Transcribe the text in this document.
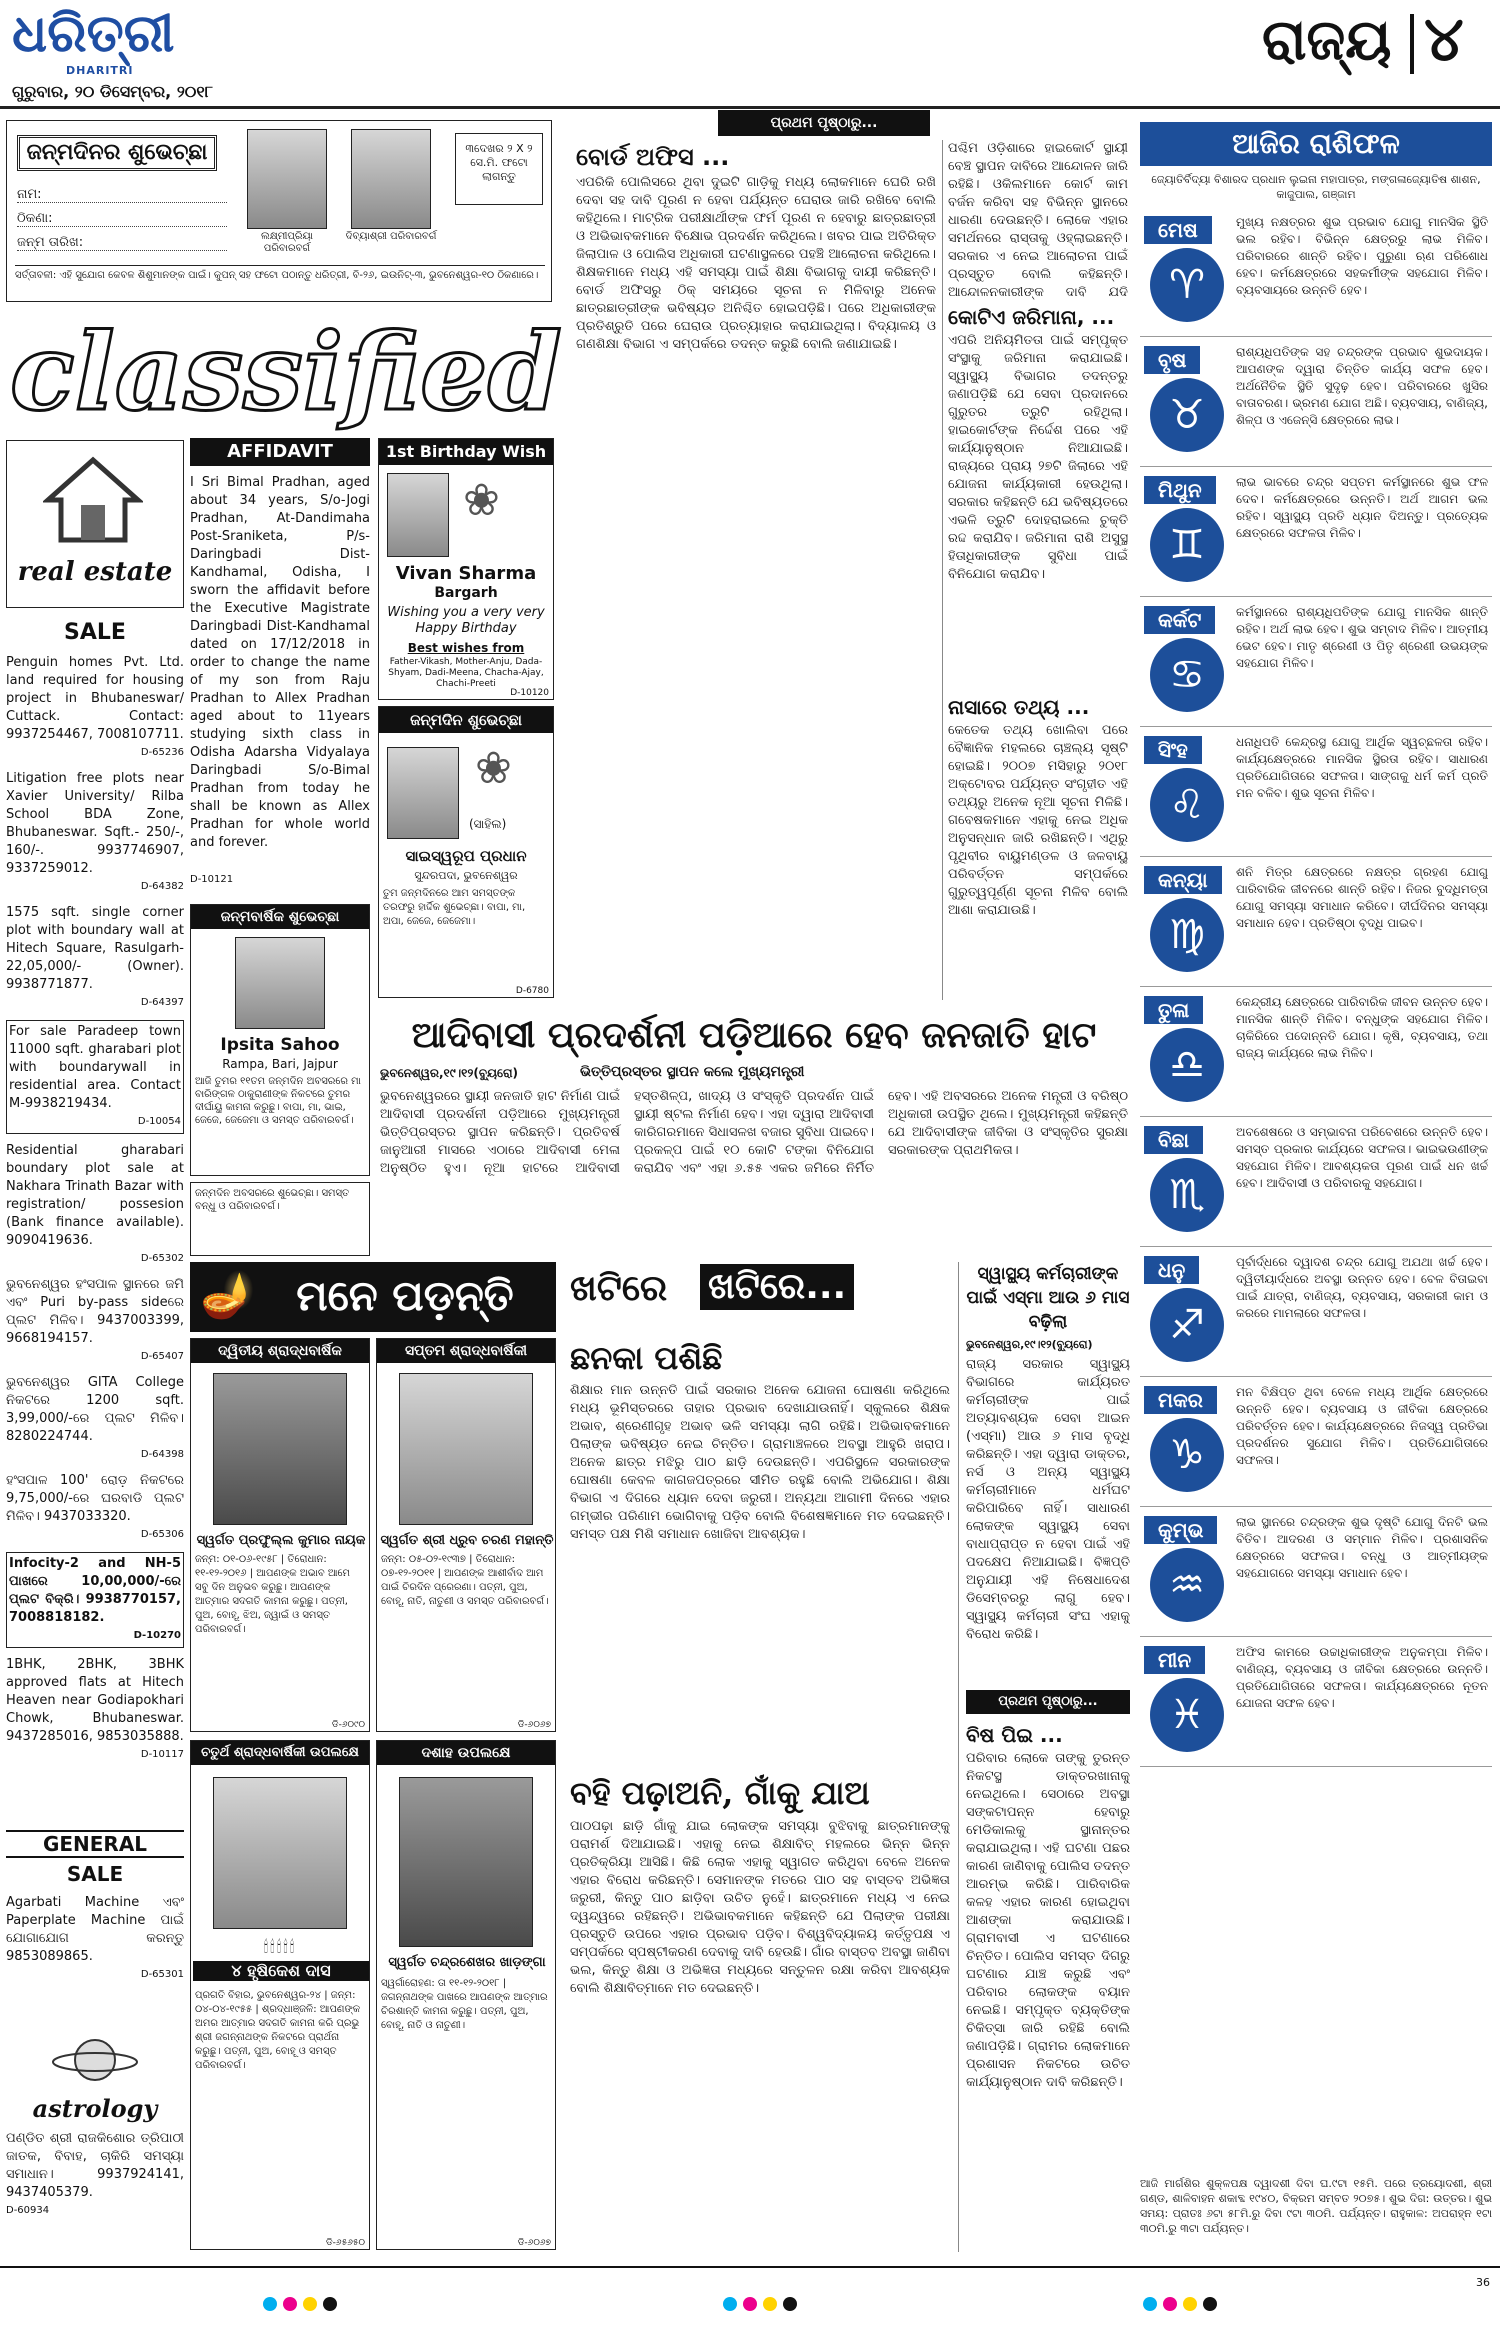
ଧରିତ୍ରୀ
DHARITRI
ଗୁରୁବାର, ୨୦ ଡିସେମ୍ବର, ୨୦୧୮
ରାଜ୍ୟ ୪
ଜନ୍ମଦିନର ଶୁଭେଚ୍ଛା
ନାମ:
ଠିକଣା:
ଜନ୍ମ ତାରିଖ:	ଲକ୍ଷ୍ମୀପ୍ରିୟା ପରିବାରବର୍ଗ
ଦିବ୍ୟାଶ୍ରୀ ପରିବାରବର୍ଗ
୩ଦେଖର ୨ X ୨ ସେ.ମି. ଫଟୋ ଲାଗନ୍ତୁ
ସର୍ତ୍ତାବଳୀ: ଏହି ସୁଯୋଗ କେବଳ ଶିଶୁମାନଙ୍କ ପାଇଁ। କୁପନ୍ ସହ ଫଟୋ ପଠାନ୍ତୁ ଧରିତ୍ରୀ, ବି-୨୬, ଇଉନିଟ୍-୩, ଭୁବନେଶ୍ୱର-୧୦ ଠିକଣାରେ।
classified
real estate
SALE
Penguin homes Pvt. Ltd. land required for housing project in Bhubaneswar/ Cuttack. Contact: 9937254467, 7008107711.
D-65236
Litigation free plots near Xavier University/ Rilba School BDA Zone, Bhubaneswar. Sqft.- 250/-, 160/-. 9937746907, 9337259012.
D-64382
1575 sqft. single corner plot with boundary wall at Hitech Square, Rasulgarh- 22,05,000/- (Owner). 9938771877.
D-64397
For sale Paradeep town 11000 sqft. gharabari plot with boundarywall in residential area. Contact M-9938219434.
D-10054
Residential gharabari boundary plot sale at Nakhara Trinath Bazar with registration/ possesion (Bank finance available). 9090419636.
D-65302
ଭୁବନେଶ୍ୱର ହଂସପାଳ ସ୍ଥାନରେ ଜମି ଏବଂ Puri by-pass sideରେ ପ୍ଲଟ ମିଳିବ। 9437003399, 9668194157.
D-65407
ଭୁବନେଶ୍ୱର GITA College ନିକଟରେ 1200 sqft. 3,99,000/-ରେ ପ୍ଲଟ ମିଳିବ। 8280224744.
D-64398
ହଂସପାଳ 100' ରୋଡ଼ ନିକଟରେ 9,75,000/-ରେ ଘରବାଡି ପ୍ଲଟ ମିଳିବ। 9437033320.
D-65306
Infocity-2 and NH-5 ପାଖରେ 10,00,000/-ରେ ପ୍ଲଟ ବିକ୍ରି। 9938770157, 7008818182.
D-10270
1BHK, 2BHK, 3BHK approved flats at Hitech Heaven near Godiapokhari Chowk, Bhubaneswar. 9437285016, 9853035888.
D-10117
GENERAL
SALE
Agarbati Machine ଏବଂ Paperplate Machine ପାଇଁ ଯୋଗାଯୋଗ କରନ୍ତୁ 9853089865.
D-65301
astrology
ପଣ୍ଡିତ ଶ୍ରୀ ରାଜକିଶୋର ତ୍ରିପାଠୀ ଜାତକ, ବିବାହ, ଚାକିରି ସମସ୍ୟା ସମାଧାନ। 9937924141, 9437405379.
D-60934
AFFIDAVIT
I Sri Bimal Pradhan, aged about 34 years, S/o-Jogi Pradhan, At-Dandimaha Post-Sraniketa, P/s-Daringbadi Dist-Kandhamal, Odisha, I sworn the affidavit before the Executive Magistrate Daringbadi Dist-Kandhamal dated on 17/12/2018 in order to change the name of my son from Raju Pradhan to Allex Pradhan aged about to 11years studying sixth class in Odisha Adarsha Vidyalaya Daringbadi S/o-Bimal Pradhan from today he shall be known as Allex Pradhan for whole world and forever.
D-10121
1st Birthday Wish
❀
Vivan Sharma
Bargarh
Wishing you a very very Happy Birthday
Best wishes from
Father-Vikash, Mother-Anju, Dada-Shyam, Dadi-Meena, Chacha-Ajay, Chachi-Preeti
D-10120
ଜନ୍ମଦିନ ଶୁଭେଚ୍ଛା
❀
(ସାହିଲ)
ସାଇସ୍ୱରୂପ ପ୍ରଧାନ
ସୁନ୍ଦରପଦା, ଭୁବନେଶ୍ୱର
ତୁମ ଜନ୍ମଦିନରେ ଆମ ସମସ୍ତଙ୍କ ତରଫରୁ ହାର୍ଦ୍ଦିକ ଶୁଭେଚ୍ଛା। ବାପା, ମା, ଅପା, ଜେଜେ, ଜେଜେମା।
D-6780
ଜନ୍ମବାର୍ଷିକ ଶୁଭେଚ୍ଛା
Ipsita Sahoo
Rampa, Bari, Jajpur
ଆଜି ତୁମର ୧୧ତମ ଜନ୍ମଦିନ ଅବସରରେ ମା ବାରିଙ୍ଗଳ ଠାକୁରାଣୀଙ୍କ ନିକଟରେ ତୁମର ଦୀର୍ଘାୟୁ କାମନା କରୁଛୁ। ବାପା, ମା, ଭାଇ, ଜେଜେ, ଜେଜେମା ଓ ସମସ୍ତ ପରିବାରବର୍ଗ।
ଜନ୍ମଦିନ ଅବସରରେ ଶୁଭେଚ୍ଛା। ସମସ୍ତ ବନ୍ଧୁ ଓ ପରିବାରବର୍ଗ।
🪔 ମନେ ପଡ଼ନ୍ତି
ଦ୍ୱିତୀୟ ଶ୍ରାଦ୍ଧବାର୍ଷିକ
ସ୍ୱର୍ଗତ ପ୍ରଫୁଲ୍ଲ କୁମାର ନାୟକ
ଜନ୍ମ: ୦୧-୦୬-୧୯୫୮ | ତିରୋଧାନ: ୧୧-୧୨-୨୦୧୬ | ଆପଣଙ୍କ ଅଭାବ ଆମେ ସବୁ ଦିନ ଅନୁଭବ କରୁଛୁ। ଆପଣଙ୍କ ଆତ୍ମାର ସଦଗତି କାମନା କରୁଛୁ। ପତ୍ନୀ, ପୁଅ, ବୋହୂ, ଝିଅ, ଜ୍ୱାଇଁ ଓ ସମସ୍ତ ପରିବାରବର୍ଗ।
ଡି-୬୦୯୦
ସପ୍ତମ ଶ୍ରାଦ୍ଧବାର୍ଷିକୀ
ସ୍ୱର୍ଗତ ଶ୍ରୀ ଧ୍ରୁବ ଚରଣ ମହାନ୍ତି
ଜନ୍ମ: ୦୫-୦୨-୧୯୩୭ | ତିରୋଧାନ: ୦୭-୧୨-୨୦୧୧ | ଆପଣଙ୍କ ଆଶୀର୍ବାଦ ଆମ ପାଇଁ ଚିରଦିନ ପ୍ରେରଣା। ପତ୍ନୀ, ପୁଅ, ବୋହୂ, ନାତି, ନାତୁଣୀ ଓ ସମସ୍ତ ପରିବାରବର୍ଗ।
ଡି-୬୦୬୭
ଚତୁର୍ଥ ଶ୍ରାଦ୍ଧବାର୍ଷିକୀ ଉପଲକ୍ଷେ
🕯🕯🕯🕯🕯
୪ ହୃଷିକେଶ ଦାସ
ପ୍ରଗତି ବିହାର, ଭୁବନେଶ୍ୱର-୨୪ | ଜନ୍ମ: ୦୪-୦୪-୧୯୫୫ | ଶ୍ରଦ୍ଧାଞ୍ଜଳି: ଆପଣଙ୍କ ଅମର ଆତ୍ମାର ସଦଗତି କାମନା କରି ପ୍ରଭୁ ଶ୍ରୀ ଜଗନ୍ନାଥଙ୍କ ନିକଟରେ ପ୍ରାର୍ଥନା କରୁଛୁ। ପତ୍ନୀ, ପୁଅ, ବୋହୂ ଓ ସମସ୍ତ ପରିବାରବର୍ଗ।
ଡି-୬୫୬୫୦
ଦଶାହ ଉପଲକ୍ଷେ
ସ୍ୱର୍ଗତ ଚନ୍ଦ୍ରଶେଖର ଖାଡ଼ଙ୍ଗା
ସ୍ୱର୍ଗାରୋହଣ: ତା ୧୧-୧୨-୨୦୧୮ | ଜଗନ୍ନାଥଙ୍କ ପାଖରେ ଆପଣଙ୍କ ଆତ୍ମାର ଚିରଶାନ୍ତି କାମନା କରୁଛୁ। ପତ୍ନୀ, ପୁଅ, ବୋହୂ, ନାତି ଓ ନାତୁଣୀ।
ଡି-୬୦୬୭
ପ୍ରଥମ ପୃଷ୍ଠାରୁ...
ବୋର୍ଡ ଅଫିସ ...
ଏପରିକି ପୋଲିସରେ ଥିବା ଦୁଇଟି ଗାଡ଼ିକୁ ମଧ୍ୟ ଲୋକମାନେ ଘେରି ରଖି ଦେବା ସହ ଦାବି ପୂରଣ ନ ହେବା ପର୍ଯ୍ୟନ୍ତ ଘେରାଉ ଜାରି ରଖିବେ ବୋଲି କହିଥିଲେ। ମାଟ୍ରିକ ପରୀକ୍ଷାର୍ଥୀଙ୍କ ଫର୍ମ ପୂରଣ ନ ହେବାରୁ ଛାତ୍ରଛାତ୍ରୀ ଓ ଅଭିଭାବକମାନେ ବିକ୍ଷୋଭ ପ୍ରଦର୍ଶନ କରିଥିଲେ। ଖବର ପାଇ ଅତିରିକ୍ତ ଜିଲାପାଳ ଓ ପୋଲିସ ଅଧିକାରୀ ଘଟଣାସ୍ଥଳରେ ପହଞ୍ଚି ଆଲୋଚନା କରିଥିଲେ। ଶିକ୍ଷକମାନେ ମଧ୍ୟ ଏହି ସମସ୍ୟା ପାଇଁ ଶିକ୍ଷା ବିଭାଗକୁ ଦାୟୀ କରିଛନ୍ତି। ବୋର୍ଡ ଅଫିସରୁ ଠିକ୍ ସମୟରେ ସୂଚନା ନ ମିଳିବାରୁ ଅନେକ ଛାତ୍ରଛାତ୍ରୀଙ୍କ ଭବିଷ୍ୟତ ଅନିଶ୍ଚିତ ହୋଇପଡ଼ିଛି। ପରେ ଅଧିକାରୀଙ୍କ ପ୍ରତିଶ୍ରୁତି ପରେ ଘେରାଉ ପ୍ରତ୍ୟାହାର କରାଯାଇଥିଲା। ବିଦ୍ୟାଳୟ ଓ ଗଣଶିକ୍ଷା ବିଭାଗ ଏ ସମ୍ପର୍କରେ ତଦନ୍ତ କରୁଛି ବୋଲି ଜଣାଯାଇଛି।
ପଶ୍ଚିମ ଓଡ଼ିଶାରେ ହାଇକୋର୍ଟ ସ୍ଥାୟୀ ବେଞ୍ଚ ସ୍ଥାପନ ଦାବିରେ ଆନ୍ଦୋଳନ ଜାରି ରହିଛି। ଓକିଲମାନେ କୋର୍ଟ କାମ ବର୍ଜନ କରିବା ସହ ବିଭିନ୍ନ ସ୍ଥାନରେ ଧାରଣା ଦେଉଛନ୍ତି। ଲୋକେ ଏହାର ସମର୍ଥନରେ ରାସ୍ତାକୁ ଓହ୍ଲାଇଛନ୍ତି। ସରକାର ଏ ନେଇ ଆଲୋଚନା ପାଇଁ ପ୍ରସ୍ତୁତ ବୋଲି କହିଛନ୍ତି। ଆନ୍ଦୋଳନକାରୀଙ୍କ ଦାବି ଯଦି
କୋଟିଏ ଜରିମାନା, ...
ଏପରି ଅନିୟମିତତା ପାଇଁ ସମ୍ପୃକ୍ତ ସଂସ୍ଥାକୁ ଜରିମାନା କରାଯାଇଛି। ସ୍ୱାସ୍ଥ୍ୟ ବିଭାଗର ତଦନ୍ତରୁ ଜଣାପଡ଼ିଛି ଯେ ସେବା ପ୍ରଦାନରେ ଗୁରୁତର ତ୍ରୁଟି ରହିଥିଲା। ହାଇକୋର୍ଟଙ୍କ ନିର୍ଦ୍ଦେଶ ପରେ ଏହି କାର୍ଯ୍ୟାନୁଷ୍ଠାନ ନିଆଯାଇଛି। ରାଜ୍ୟରେ ପ୍ରାୟ ୨୭ଟି ଜିଲାରେ ଏହି ଯୋଜନା କାର୍ଯ୍ୟକାରୀ ହେଉଥିଲା। ସରକାର କହିଛନ୍ତି ଯେ ଭବିଷ୍ୟତରେ ଏଭଳି ତ୍ରୁଟି ଦୋହରାଇଲେ ଚୁକ୍ତି ରଦ୍ଦ କରାଯିବ। ଜରିମାନା ରାଶି ଅସୁସ୍ଥ ହିତାଧିକାରୀଙ୍କ ସୁବିଧା ପାଇଁ ବିନିଯୋଗ କରାଯିବ।
ନାସାରେ ତଥ୍ୟ ...
କେତେକ ତଥ୍ୟ ଖୋଲିବା ପରେ ବୈଜ୍ଞାନିକ ମହଲରେ ଚାଞ୍ଚଲ୍ୟ ସୃଷ୍ଟି ହୋଇଛି। ୨୦୦୭ ମସିହାରୁ ୨୦୧୮ ଅକ୍ଟୋବର ପର୍ଯ୍ୟନ୍ତ ସଂଗୃହୀତ ଏହି ତଥ୍ୟରୁ ଅନେକ ନୂଆ ସୂଚନା ମିଳିଛି। ଗବେଷକମାନେ ଏହାକୁ ନେଇ ଅଧିକ ଅନୁସନ୍ଧାନ ଜାରି ରଖିଛନ୍ତି। ଏଥିରୁ ପୃଥିବୀର ବାୟୁମଣ୍ଡଳ ଓ ଜଳବାୟୁ ପରିବର୍ତ୍ତନ ସମ୍ପର୍କରେ ଗୁରୁତ୍ୱପୂର୍ଣ୍ଣ ସୂଚନା ମିଳିବ ବୋଲି ଆଶା କରାଯାଉଛି।
ଆଦିବାସୀ ପ୍ରଦର୍ଶନୀ ପଡ଼ିଆରେ ହେବ ଜନଜାତି ହାଟ
ଭୁବନେଶ୍ୱର,୧୯।୧୨(ବ୍ୟୁରୋ)	ଭିତ୍ତିପ୍ରସ୍ତର ସ୍ଥାପନ କଲେ ମୁଖ୍ୟମନ୍ତ୍ରୀ
ଭୁବନେଶ୍ୱରରେ ସ୍ଥାୟୀ ଜନଜାତି ହାଟ ନିର୍ମାଣ ପାଇଁ ଆଦିବାସୀ ପ୍ରଦର୍ଶନୀ ପଡ଼ିଆରେ ମୁଖ୍ୟମନ୍ତ୍ରୀ ଭିତ୍ତିପ୍ରସ୍ତର ସ୍ଥାପନ କରିଛନ୍ତି। ପ୍ରତିବର୍ଷ ଜାନୁଆରୀ ମାସରେ ଏଠାରେ ଆଦିବାସୀ ମେଳା ଅନୁଷ୍ଠିତ ହୁଏ। ନୂଆ ହାଟରେ ଆଦିବାସୀ ହସ୍ତଶିଳ୍ପ, ଖାଦ୍ୟ ଓ ସଂସ୍କୃତି ପ୍ରଦର୍ଶନ ପାଇଁ ସ୍ଥାୟୀ ଷ୍ଟଲ ନିର୍ମାଣ ହେବ। ଏହା ଦ୍ୱାରା ଆଦିବାସୀ କାରିଗରମାନେ ସିଧାସଳଖ ବଜାର ସୁବିଧା ପାଇବେ। ପ୍ରକଳ୍ପ ପାଇଁ ୧୦ କୋଟି ଟଙ୍କା ବିନିଯୋଗ କରାଯିବ ଏବଂ ଏହା ୬.୫୫ ଏକର ଜମିରେ ନିର୍ମିତ ହେବ। ଏହି ଅବସରରେ ଅନେକ ମନ୍ତ୍ରୀ ଓ ବରିଷ୍ଠ ଅଧିକାରୀ ଉପସ୍ଥିତ ଥିଲେ। ମୁଖ୍ୟମନ୍ତ୍ରୀ କହିଛନ୍ତି ଯେ ଆଦିବାସୀଙ୍କ ଜୀବିକା ଓ ସଂସ୍କୃତିର ସୁରକ୍ଷା ସରକାରଙ୍କ ପ୍ରାଥମିକତା।
ଖଟିରେ ଖଟିରେ...
ଛନକା ପଶିଛି
ଶିକ୍ଷାର ମାନ ଉନ୍ନତି ପାଇଁ ସରକାର ଅନେକ ଯୋଜନା ଘୋଷଣା କରିଥିଲେ ମଧ୍ୟ ଭୂମିସ୍ତରରେ ତାହାର ପ୍ରଭାବ ଦେଖାଯାଉନାହିଁ। ସ୍କୁଲରେ ଶିକ୍ଷକ ଅଭାବ, ଶ୍ରେଣୀଗୃହ ଅଭାବ ଭଳି ସମସ୍ୟା ଲାଗି ରହିଛି। ଅଭିଭାବକମାନେ ପିଲାଙ୍କ ଭବିଷ୍ୟତ ନେଇ ଚିନ୍ତିତ। ଗ୍ରାମାଞ୍ଚଳରେ ଅବସ୍ଥା ଆହୁରି ଖରାପ। ଅନେକ ଛାତ୍ର ମଝିରୁ ପାଠ ଛାଡ଼ି ଦେଉଛନ୍ତି। ଏପରିସ୍ଥଳେ ସରକାରଙ୍କ ଘୋଷଣା କେବଳ କାଗଜପତ୍ରରେ ସୀମିତ ରହୁଛି ବୋଲି ଅଭିଯୋଗ। ଶିକ୍ଷା ବିଭାଗ ଏ ଦିଗରେ ଧ୍ୟାନ ଦେବା ଜରୁରୀ। ଅନ୍ୟଥା ଆଗାମୀ ଦିନରେ ଏହାର ଗମ୍ଭୀର ପରିଣାମ ଭୋଗିବାକୁ ପଡ଼ିବ ବୋଲି ବିଶେଷଜ୍ଞମାନେ ମତ ଦେଇଛନ୍ତି। ସମସ୍ତ ପକ୍ଷ ମିଶି ସମାଧାନ ଖୋଜିବା ଆବଶ୍ୟକ।
ବହି ପଢ଼ାଅନି, ଗାଁକୁ ଯାଅ
ପାଠପଢ଼ା ଛାଡ଼ି ଗାଁକୁ ଯାଇ ଲୋକଙ୍କ ସମସ୍ୟା ବୁଝିବାକୁ ଛାତ୍ରମାନଙ୍କୁ ପରାମର୍ଶ ଦିଆଯାଇଛି। ଏହାକୁ ନେଇ ଶିକ୍ଷାବିତ୍ ମହଲରେ ଭିନ୍ନ ଭିନ୍ନ ପ୍ରତିକ୍ରିୟା ଆସିଛି। କିଛି ଲୋକ ଏହାକୁ ସ୍ୱାଗତ କରିଥିବା ବେଳେ ଅନେକ ଏହାର ବିରୋଧ କରିଛନ୍ତି। ସେମାନଙ୍କ ମତରେ ପାଠ ସହ ବାସ୍ତବ ଅଭିଜ୍ଞତା ଜରୁରୀ, କିନ୍ତୁ ପାଠ ଛାଡ଼ିବା ଉଚିତ ନୁହେଁ। ଛାତ୍ରମାନେ ମଧ୍ୟ ଏ ନେଇ ଦ୍ୱନ୍ଦ୍ୱରେ ରହିଛନ୍ତି। ଅଭିଭାବକମାନେ କହିଛନ୍ତି ଯେ ପିଲାଙ୍କ ପରୀକ୍ଷା ପ୍ରସ୍ତୁତି ଉପରେ ଏହାର ପ୍ରଭାବ ପଡ଼ିବ। ବିଶ୍ୱବିଦ୍ୟାଳୟ କର୍ତ୍ତୃପକ୍ଷ ଏ ସମ୍ପର୍କରେ ସ୍ପଷ୍ଟୀକରଣ ଦେବାକୁ ଦାବି ହେଉଛି। ଗାଁର ବାସ୍ତବ ଅବସ୍ଥା ଜାଣିବା ଭଲ, କିନ୍ତୁ ଶିକ୍ଷା ଓ ଅଭିଜ୍ଞତା ମଧ୍ୟରେ ସନ୍ତୁଳନ ରକ୍ଷା କରିବା ଆବଶ୍ୟକ ବୋଲି ଶିକ୍ଷାବିତ୍ମାନେ ମତ ଦେଇଛନ୍ତି।
ସ୍ୱାସ୍ଥ୍ୟ କର୍ମଚାରୀଙ୍କ ପାଇଁ ଏସ୍ମା ଆଉ ୬ ମାସ ବଢ଼ିଲା
ଭୁବନେଶ୍ୱର,୧୯।୧୨(ବ୍ୟୁରୋ)
ରାଜ୍ୟ ସରକାର ସ୍ୱାସ୍ଥ୍ୟ ବିଭାଗରେ କାର୍ଯ୍ୟରତ କର୍ମଚାରୀଙ୍କ ପାଇଁ ଅତ୍ୟାବଶ୍ୟକ ସେବା ଆଇନ (ଏସ୍ମା) ଆଉ ୬ ମାସ ବୃଦ୍ଧି କରିଛନ୍ତି। ଏହା ଦ୍ୱାରା ଡାକ୍ତର, ନର୍ସ ଓ ଅନ୍ୟ ସ୍ୱାସ୍ଥ୍ୟ କର୍ମଚାରୀମାନେ ଧର୍ମଘଟ କରିପାରିବେ ନାହିଁ। ସାଧାରଣ ଲୋକଙ୍କ ସ୍ୱାସ୍ଥ୍ୟ ସେବା ବାଧାପ୍ରାପ୍ତ ନ ହେବା ପାଇଁ ଏହି ପଦକ୍ଷେପ ନିଆଯାଇଛି। ବିଜ୍ଞପ୍ତି ଅନୁଯାୟୀ ଏହି ନିଷେଧାଦେଶ ଡିସେମ୍ବରରୁ ଲାଗୁ ହେବ। ସ୍ୱାସ୍ଥ୍ୟ କର୍ମଚାରୀ ସଂଘ ଏହାକୁ ବିରୋଧ କରିଛି।
ପ୍ରଥମ ପୃଷ୍ଠାରୁ...
ବିଷ ପିଇ ...
ପରିବାର ଲୋକେ ତାଙ୍କୁ ତୁରନ୍ତ ନିକଟସ୍ଥ ଡାକ୍ତରଖାନାକୁ ନେଇଥିଲେ। ସେଠାରେ ଅବସ୍ଥା ସଙ୍କଟାପନ୍ନ ହେବାରୁ ମେଡିକାଲକୁ ସ୍ଥାନାନ୍ତର କରାଯାଇଥିଲା। ଏହି ଘଟଣା ପଛର କାରଣ ଜାଣିବାକୁ ପୋଲିସ ତଦନ୍ତ ଆରମ୍ଭ କରିଛି। ପାରିବାରିକ କଳହ ଏହାର କାରଣ ହୋଇଥିବା ଆଶଙ୍କା କରାଯାଉଛି। ଗ୍ରାମବାସୀ ଏ ଘଟଣାରେ ଚିନ୍ତିତ। ପୋଲିସ ସମସ୍ତ ଦିଗରୁ ଘଟଣାର ଯାଞ୍ଚ କରୁଛି ଏବଂ ପରିବାର ଲୋକଙ୍କ ବୟାନ ନେଇଛି। ସମ୍ପୃକ୍ତ ବ୍ୟକ୍ତିଙ୍କ ଚିକିତ୍ସା ଜାରି ରହିଛି ବୋଲି ଜଣାପଡ଼ିଛି। ଗ୍ରାମର ଲୋକମାନେ ପ୍ରଶାସନ ନିକଟରେ ଉଚିତ କାର୍ଯ୍ୟାନୁଷ୍ଠାନ ଦାବି କରିଛନ୍ତି।
ଆଜିର ରାଶିଫଳ
ଜ୍ୟୋତିର୍ବିଦ୍ୟା ବିଶାରଦ ପ୍ରଧାନ ଲୁଇନା ମହାପାତ୍ର, ମଙ୍ଗଳାଜ୍ୟୋତିଷ ଶାଶନ, କାଜୁପାଲ, ଗଞ୍ଜାମ
ମେଷ
♈
ମୁଖ୍ୟ ନକ୍ଷତ୍ରର ଶୁଭ ପ୍ରଭାବ ଯୋଗୁ ମାନସିକ ସ୍ଥିତି ଭଲ ରହିବ। ବିଭିନ୍ନ କ୍ଷେତ୍ରରୁ ଲାଭ ମିଳିବ। ପରିବାରରେ ଶାନ୍ତି ରହିବ। ପୁରୁଣା ଋଣ ପରିଶୋଧ ହେବ। କର୍ମକ୍ଷେତ୍ରରେ ସହକର୍ମୀଙ୍କ ସହଯୋଗ ମିଳିବ। ବ୍ୟବସାୟରେ ଉନ୍ନତି ହେବ।
ବୃଷ
♉
ରାଶ୍ୟଧିପତିଙ୍କ ସହ ଚନ୍ଦ୍ରଙ୍କ ପ୍ରଭାବ ଶୁଭଦାୟକ। ଆପଣଙ୍କ ଦ୍ୱାରା ଚିନ୍ତିତ କାର୍ଯ୍ୟ ସଫଳ ହେବ। ଅର୍ଥନୈତିକ ସ୍ଥିତି ସୁଦୃଢ଼ ହେବ। ପରିବାରରେ ଖୁସିର ବାତାବରଣ। ଭ୍ରମଣ ଯୋଗ ଅଛି। ବ୍ୟବସାୟ, ବାଣିଜ୍ୟ, ଶିଳ୍ପ ଓ ଏଜେନ୍ସି କ୍ଷେତ୍ରରେ ଲାଭ।
ମିଥୁନ
♊
ଲାଭ ଭାବରେ ଚନ୍ଦ୍ର ସପ୍ତମ କର୍ମସ୍ଥାନରେ ଶୁଭ ଫଳ ଦେବ। କର୍ମକ୍ଷେତ୍ରରେ ଉନ୍ନତି। ଅର୍ଥ ଆଗମ ଭଲ ରହିବ। ସ୍ୱାସ୍ଥ୍ୟ ପ୍ରତି ଧ୍ୟାନ ଦିଅନ୍ତୁ। ପ୍ରତ୍ୟେକ କ୍ଷେତ୍ରରେ ସଫଳତା ମିଳିବ।
କର୍କଟ
♋
କର୍ମସ୍ଥାନରେ ରାଶ୍ୟଧିପତିଙ୍କ ଯୋଗୁ ମାନସିକ ଶାନ୍ତି ରହିବ। ଅର୍ଥ ଲାଭ ହେବ। ଶୁଭ ସମ୍ବାଦ ମିଳିବ। ଆତ୍ମୀୟ ଭେଟ ହେବ। ମାତୃ ଶ୍ରେଣୀ ଓ ପିତୃ ଶ୍ରେଣୀ ଉଭୟଙ୍କ ସହଯୋଗ ମିଳିବ।
ସିଂହ
♌
ଧନାଧିପତି କେନ୍ଦ୍ରସ୍ଥ ଯୋଗୁ ଆର୍ଥିକ ସ୍ୱଚ୍ଛଳତା ରହିବ। କାର୍ଯ୍ୟକ୍ଷେତ୍ରରେ ମାନସିକ ସ୍ଥିରତା ରହିବ। ସାଧାରଣ ପ୍ରତିଯୋଗିତାରେ ସଫଳତା। ସାଙ୍ଗକୁ ଧର୍ମ କର୍ମ ପ୍ରତି ମନ ବଳିବ। ଶୁଭ ସୂଚନା ମିଳିବ।
କନ୍ୟା
♍
ଶନି ମିତ୍ର କ୍ଷେତ୍ରରେ ନକ୍ଷତ୍ର ଗ୍ରହଣ ଯୋଗୁ ପାରିବାରିକ ଜୀବନରେ ଶାନ୍ତି ରହିବ। ନିଜର ବୁଦ୍ଧିମତ୍ତା ଯୋଗୁ ସମସ୍ୟା ସମାଧାନ କରିବେ। ଦୀର୍ଘଦିନର ସମସ୍ୟା ସମାଧାନ ହେବ। ପ୍ରତିଷ୍ଠା ବୃଦ୍ଧି ପାଇବ।
ତୁଳା
♎
କେନ୍ଦ୍ରୀୟ କ୍ଷେତ୍ରରେ ପାରିବାରିକ ଜୀବନ ଉନ୍ନତ ହେବ। ମାନସିକ ଶାନ୍ତି ମିଳିବ। ବନ୍ଧୁଙ୍କ ସହଯୋଗ ମିଳିବ। ଚାକିରିରେ ପଦୋନ୍ନତି ଯୋଗ। କୃଷି, ବ୍ୟବସାୟ, ତଥା ରାଜ୍ୟ କାର୍ଯ୍ୟରେ ଲାଭ ମିଳିବ।
ବିଛା
♏
ଅବଶେଷରେ ଓ ସମ୍ଭାବନା ପରିବେଶରେ ଉନ୍ନତି ହେବ। ସମସ୍ତ ପ୍ରକାର କାର୍ଯ୍ୟରେ ସଫଳତା। ଭାଇଭଉଣୀଙ୍କ ସହଯୋଗ ମିଳିବ। ଆବଶ୍ୟକତା ପୂରଣ ପାଇଁ ଧନ ଖର୍ଚ୍ଚ ହେବ। ଆଦିବାସୀ ଓ ପରିବାରକୁ ସହଯୋଗ।
ଧନୁ
♐
ପୂର୍ବାର୍ଦ୍ଧରେ ଦ୍ୱାଦଶ ଚନ୍ଦ୍ର ଯୋଗୁ ଅଯଥା ଖର୍ଚ୍ଚ ହେବ। ଦ୍ୱିତୀୟାର୍ଦ୍ଧରେ ଅବସ୍ଥା ଉନ୍ନତ ହେବ। ବେଳ ବିତାଇବା ପାଇଁ ଯାତ୍ରା, ବାଣିଜ୍ୟ, ବ୍ୟବସାୟ, ସରକାରୀ କାମ ଓ କରରେ ମାମଲାରେ ସଫଳତା।
ମକର
♑
ମନ ବିକ୍ଷିପ୍ତ ଥିବା ବେଳେ ମଧ୍ୟ ଆର୍ଥିକ କ୍ଷେତ୍ରରେ ଉନ୍ନତି ହେବ। ବ୍ୟବସାୟ ଓ ଜୀବିକା କ୍ଷେତ୍ରରେ ପରିବର୍ତ୍ତନ ହେବ। କାର୍ଯ୍ୟକ୍ଷେତ୍ରରେ ନିଜସ୍ୱ ପ୍ରତିଭା ପ୍ରଦର୍ଶନର ସୁଯୋଗ ମିଳିବ। ପ୍ରତିଯୋଗିତାରେ ସଫଳତା।
କୁମ୍ଭ
♒
ଲାଭ ସ୍ଥାନରେ ଚନ୍ଦ୍ରଙ୍କ ଶୁଭ ଦୃଷ୍ଟି ଯୋଗୁ ଦିନଟି ଭଲ ବିତିବ। ଆଦରଣ ଓ ସମ୍ମାନ ମିଳିବ। ପ୍ରଶାସନିକ କ୍ଷେତ୍ରରେ ସଫଳତା। ବନ୍ଧୁ ଓ ଆତ୍ମୀୟଙ୍କ ସହଯୋଗରେ ସମସ୍ୟା ସମାଧାନ ହେବ।
ମୀନ
♓
ଅଫିସ କାମରେ ଉଚ୍ଚାଧିକାରୀଙ୍କ ଅନୁକମ୍ପା ମିଳିବ। ବାଣିଜ୍ୟ, ବ୍ୟବସାୟ ଓ ଜୀବିକା କ୍ଷେତ୍ରରେ ଉନ୍ନତି। ପ୍ରତିଯୋଗିତାରେ ସଫଳତା। କାର୍ଯ୍ୟକ୍ଷେତ୍ରରେ ନୂତନ ଯୋଜନା ସଫଳ ହେବ।
ଆଜି ମାର୍ଗଶିର ଶୁକ୍ଳପକ୍ଷ ଦ୍ୱାଦଶୀ ଦିବା ଘ.୯ଟା ୧୫ମି. ପରେ ତ୍ରୟୋଦଶୀ, ଶ୍ରୀ ଗଣ୍ଡ, ଶାଳିବାହନ ଶକାବ୍ଦ ୧୯୪୦, ବିକ୍ରମ ସମ୍ବତ ୨୦୭୫। ଶୁଭ ଦିଗ: ଉତ୍ତର। ଶୁଭ ସମୟ: ପ୍ରାତଃ ୬ଟା ୫୮ମି.ରୁ ଦିବା ୯ଟା ୩୦ମି. ପର୍ଯ୍ୟନ୍ତ। ରାହୁକାଳ: ଅପରାହ୍ନ ୧ଟା ୩୦ମି.ରୁ ୩ଟା ପର୍ଯ୍ୟନ୍ତ।
36
